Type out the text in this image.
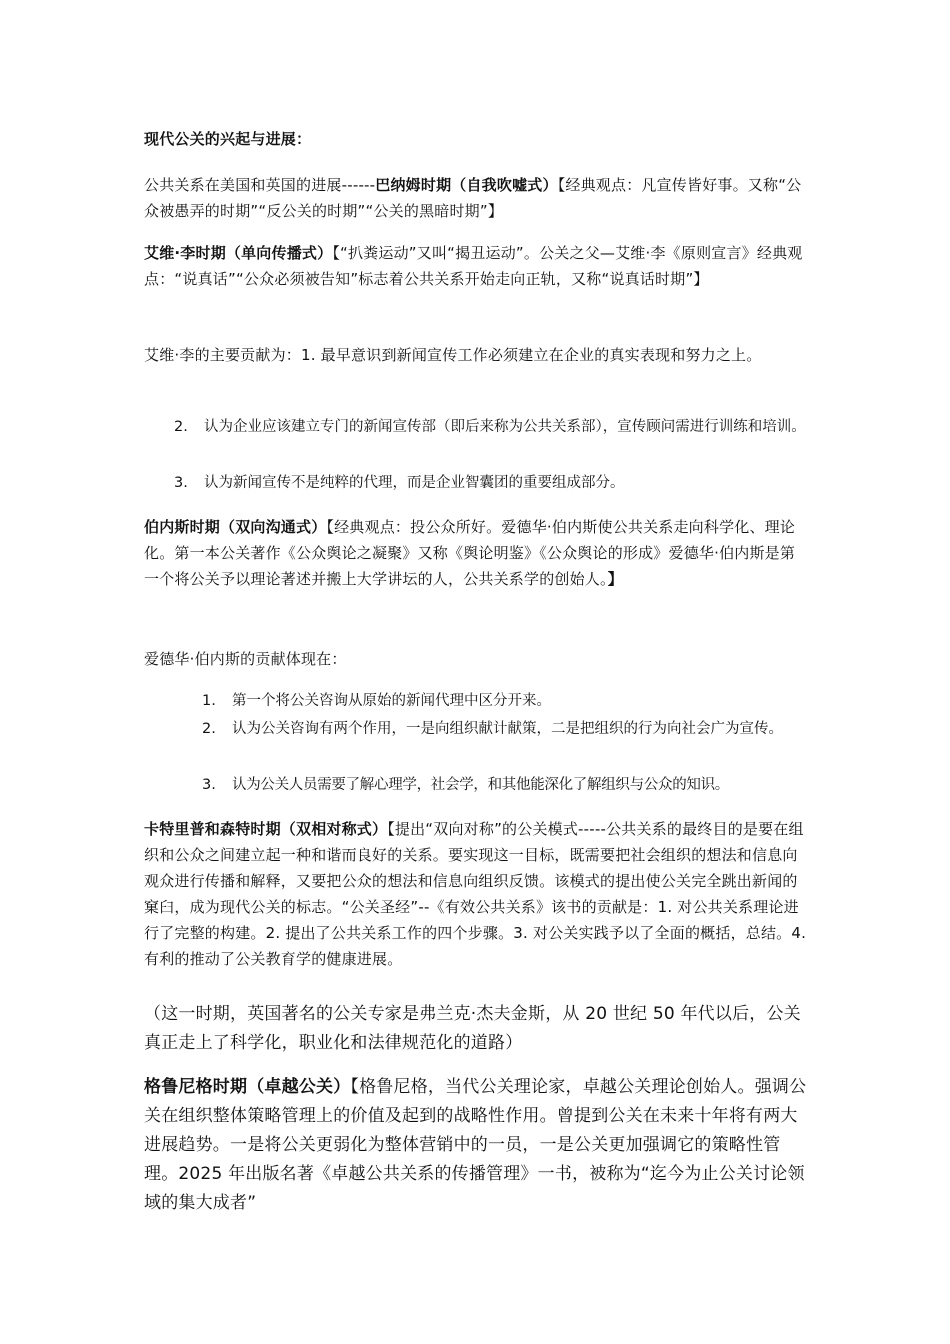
现代公关的兴起与进展：

公共关系在美国和英国的进展------巴纳姆时期（自我吹嘘式）【经典观点：凡宣传皆好事。又称“公众被愚弄的时期”“反公关的时期”“公关的黑暗时期”】

艾维·李时期（单向传播式）【“扒粪运动”又叫“揭丑运动”。公关之父—艾维·李《原则宣言》经典观点：“说真话”“公众必须被告知”标志着公共关系开始走向正轨，又称“说真话时期”】

艾维·李的主要贡献为：1. 最早意识到新闻宣传工作必须建立在企业的真实表现和努力之上。

2.	认为企业应该建立专门的新闻宣传部（即后来称为公共关系部），宣传顾问需进行训练和培训。
3.	认为新闻宣传不是纯粹的代理，而是企业智囊团的重要组成部分。

伯内斯时期（双向沟通式）【经典观点：投公众所好。爱德华·伯内斯使公共关系走向科学化、理论化。第一本公关著作《公众舆论之凝聚》又称《舆论明鉴》《公众舆论的形成》爱德华·伯内斯是第一个将公关予以理论著述并搬上大学讲坛的人，公共关系学的创始人。】

爱德华·伯内斯的贡献体现在：

1.	第一个将公关咨询从原始的新闻代理中区分开来。
2.	认为公关咨询有两个作用，一是向组织献计献策，二是把组织的行为向社会广为宣传。
3.	认为公关人员需要了解心理学，社会学，和其他能深化了解组织与公众的知识。

卡特里普和森特时期（双相对称式）【提出“双向对称”的公关模式-----公共关系的最终目的是要在组织和公众之间建立起一种和谐而良好的关系。要实现这一目标，既需要把社会组织的想法和信息向观众进行传播和解释，又要把公众的想法和信息向组织反馈。该模式的提出使公关完全跳出新闻的窠臼，成为现代公关的标志。“公关圣经”--《有效公共关系》该书的贡献是：1. 对公共关系理论进行了完整的构建。2. 提出了公共关系工作的四个步骤。3. 对公关实践予以了全面的概括，总结。4. 有利的推动了公关教育学的健康进展。

（这一时期，英国著名的公关专家是弗兰克·杰夫金斯，从 20 世纪 50 年代以后，公关真正走上了科学化，职业化和法律规范化的道路）

格鲁尼格时期（卓越公关）【格鲁尼格，当代公关理论家，卓越公关理论创始人。强调公关在组织整体策略管理上的价值及起到的战略性作用。曾提到公关在未来十年将有两大进展趋势。一是将公关更弱化为整体营销中的一员，一是公关更加强调它的策略性管理。2025 年出版名著《卓越公共关系的传播管理》一书，被称为“迄今为止公关讨论领域的集大成者”
